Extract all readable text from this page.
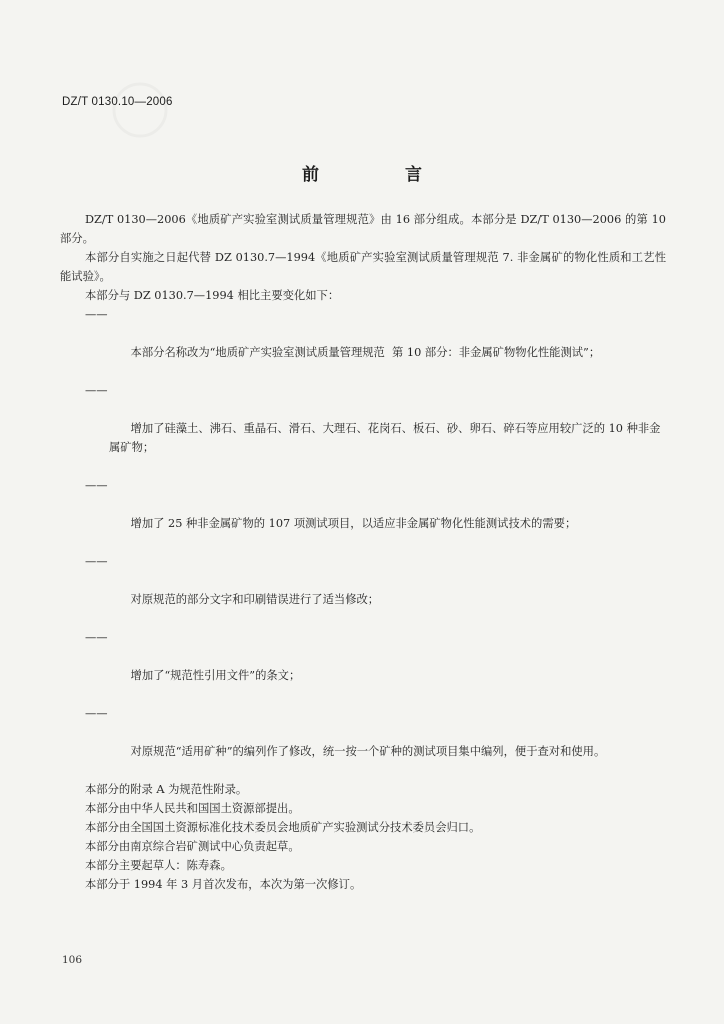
DZ/T 0130.10—2006
前 言

DZ/T 0130—2006《地质矿产实验室测试质量管理规范》由 16 部分组成。本部分是 DZ/T 0130—2006 的第 10 部分。

本部分自实施之日起代替 DZ 0130.7—1994《地质矿产实验室测试质量管理规范 7. 非金属矿的物化性质和工艺性能试验》。

本部分与 DZ 0130.7—1994 相比主要变化如下：

——

本部分名称改为“地质矿产实验室测试质量管理规范  第 10 部分：非金属矿物物化性能测试”；

——

增加了硅藻土、沸石、重晶石、滑石、大理石、花岗石、板石、砂、卵石、碎石等应用较广泛的 10 种非金属矿物；

——

增加了 25 种非金属矿物的 107 项测试项目，以适应非金属矿物化性能测试技术的需要；

——

对原规范的部分文字和印刷错误进行了适当修改；

——

增加了“规范性引用文件”的条文；

——

对原规范“适用矿种”的编列作了修改，统一按一个矿种的测试项目集中编列，便于查对和使用。

本部分的附录 A 为规范性附录。

本部分由中华人民共和国国土资源部提出。

本部分由全国国土资源标准化技术委员会地质矿产实验测试分技术委员会归口。

本部分由南京综合岩矿测试中心负责起草。

本部分主要起草人：陈寿森。

本部分于 1994 年 3 月首次发布，本次为第一次修订。

106
